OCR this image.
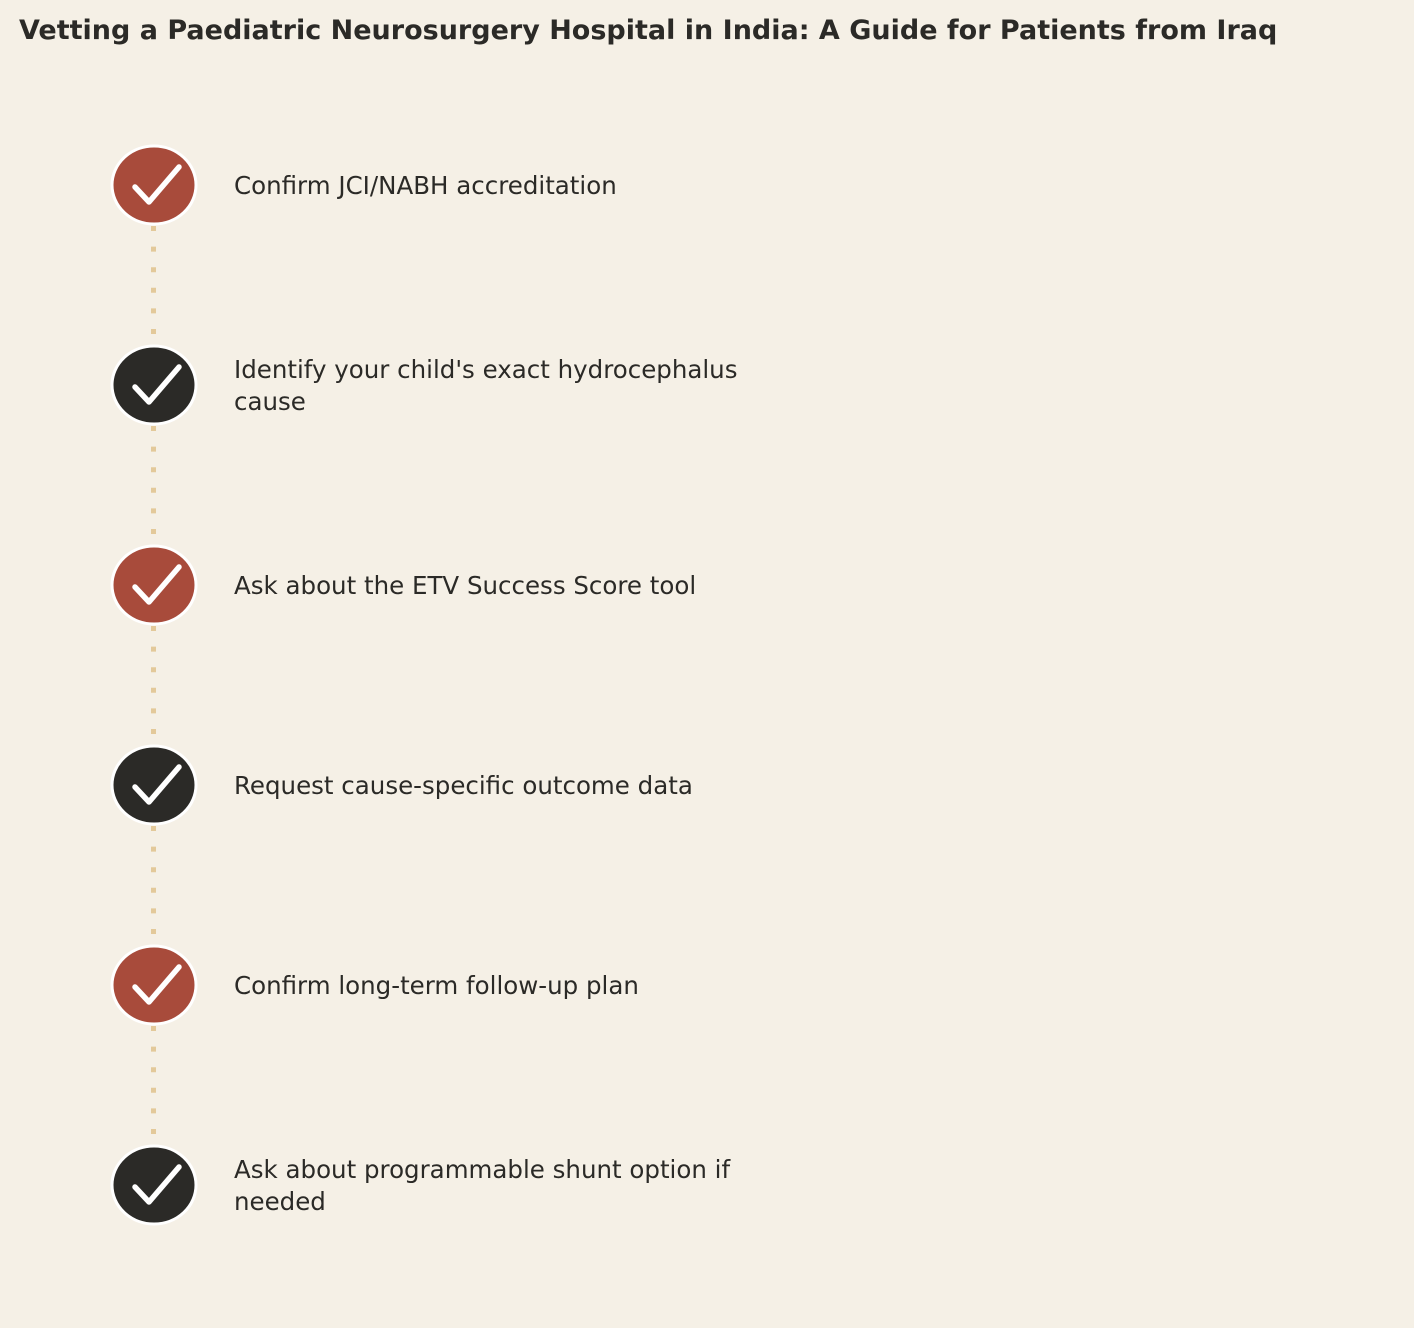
Vetting a Paediatric Neurosurgery Hospital in India: A Guide for Patients from Iraq
Confirm JCI/NABH accreditation
Identify your child's exact hydrocephalus cause
Ask about the ETV Success Score tool
Request cause-specific outcome data
Confirm long-term follow-up plan
Ask about programmable shunt option if needed
